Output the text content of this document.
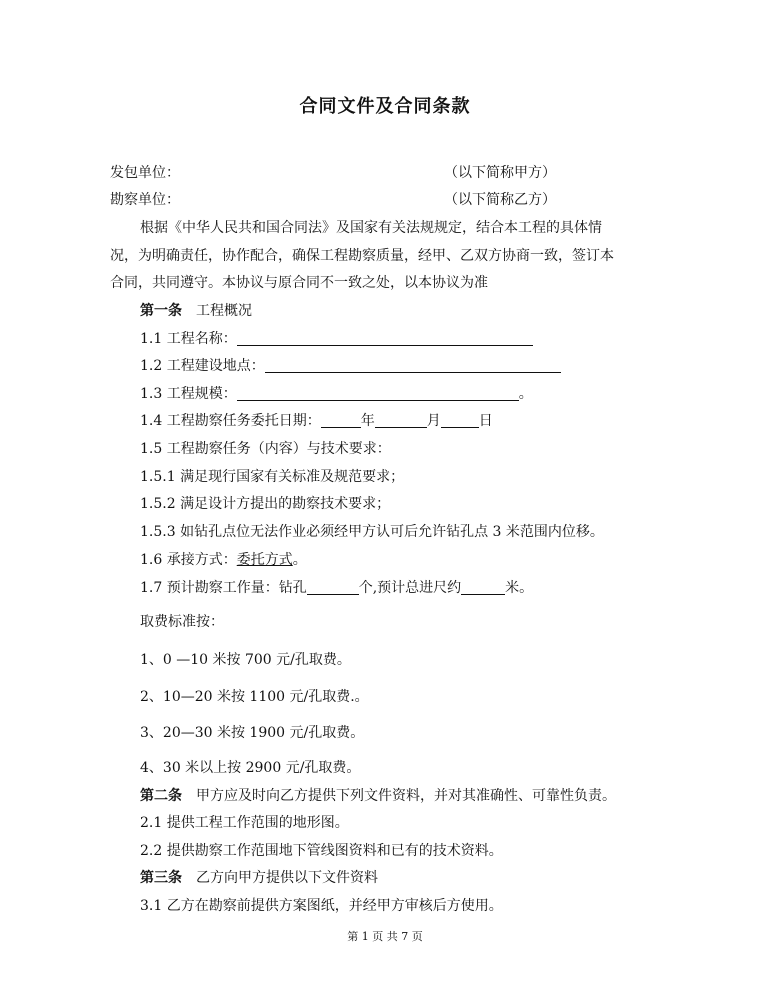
合同文件及合同条款
发包单位：	（以下简称甲方）
勘察单位：	（以下简称乙方）
根据《中华人民共和国合同法》及国家有关法规规定，结合本工程的具体情
况，为明确责任，协作配合，确保工程勘察质量，经甲、乙双方协商一致，签订本
合同，共同遵守。本协议与原合同不一致之处，以本协议为准
第一条 工程概况
1.1 工程名称：
1.2 工程建设地点：
1.3 工程规模：	。
1.4 工程勘察任务委托日期：	年	月	日
1.5 工程勘察任务（内容）与技术要求：
1.5.1 满足现行国家有关标准及规范要求；
1.5.2 满足设计方提出的勘察技术要求；
1.5.3 如钻孔点位无法作业必须经甲方认可后允许钻孔点 3 米范围内位移。
1.6 承接方式：委托方式。
1.7 预计勘察工作量：钻孔	个,预计总进尺约	米。
取费标准按：
1、0 —10 米按 700 元/孔取费。
2、10—20 米按 1100 元/孔取费.。
3、20—30 米按 1900 元/孔取费。
4、30 米以上按 2900 元/孔取费。
第二条 甲方应及时向乙方提供下列文件资料，并对其准确性、可靠性负责。
2.1 提供工程工作范围的地形图。
2.2 提供勘察工作范围地下管线图资料和已有的技术资料。
第三条 乙方向甲方提供以下文件资料
3.1 乙方在勘察前提供方案图纸，并经甲方审核后方使用。
第 1 页 共 7 页
